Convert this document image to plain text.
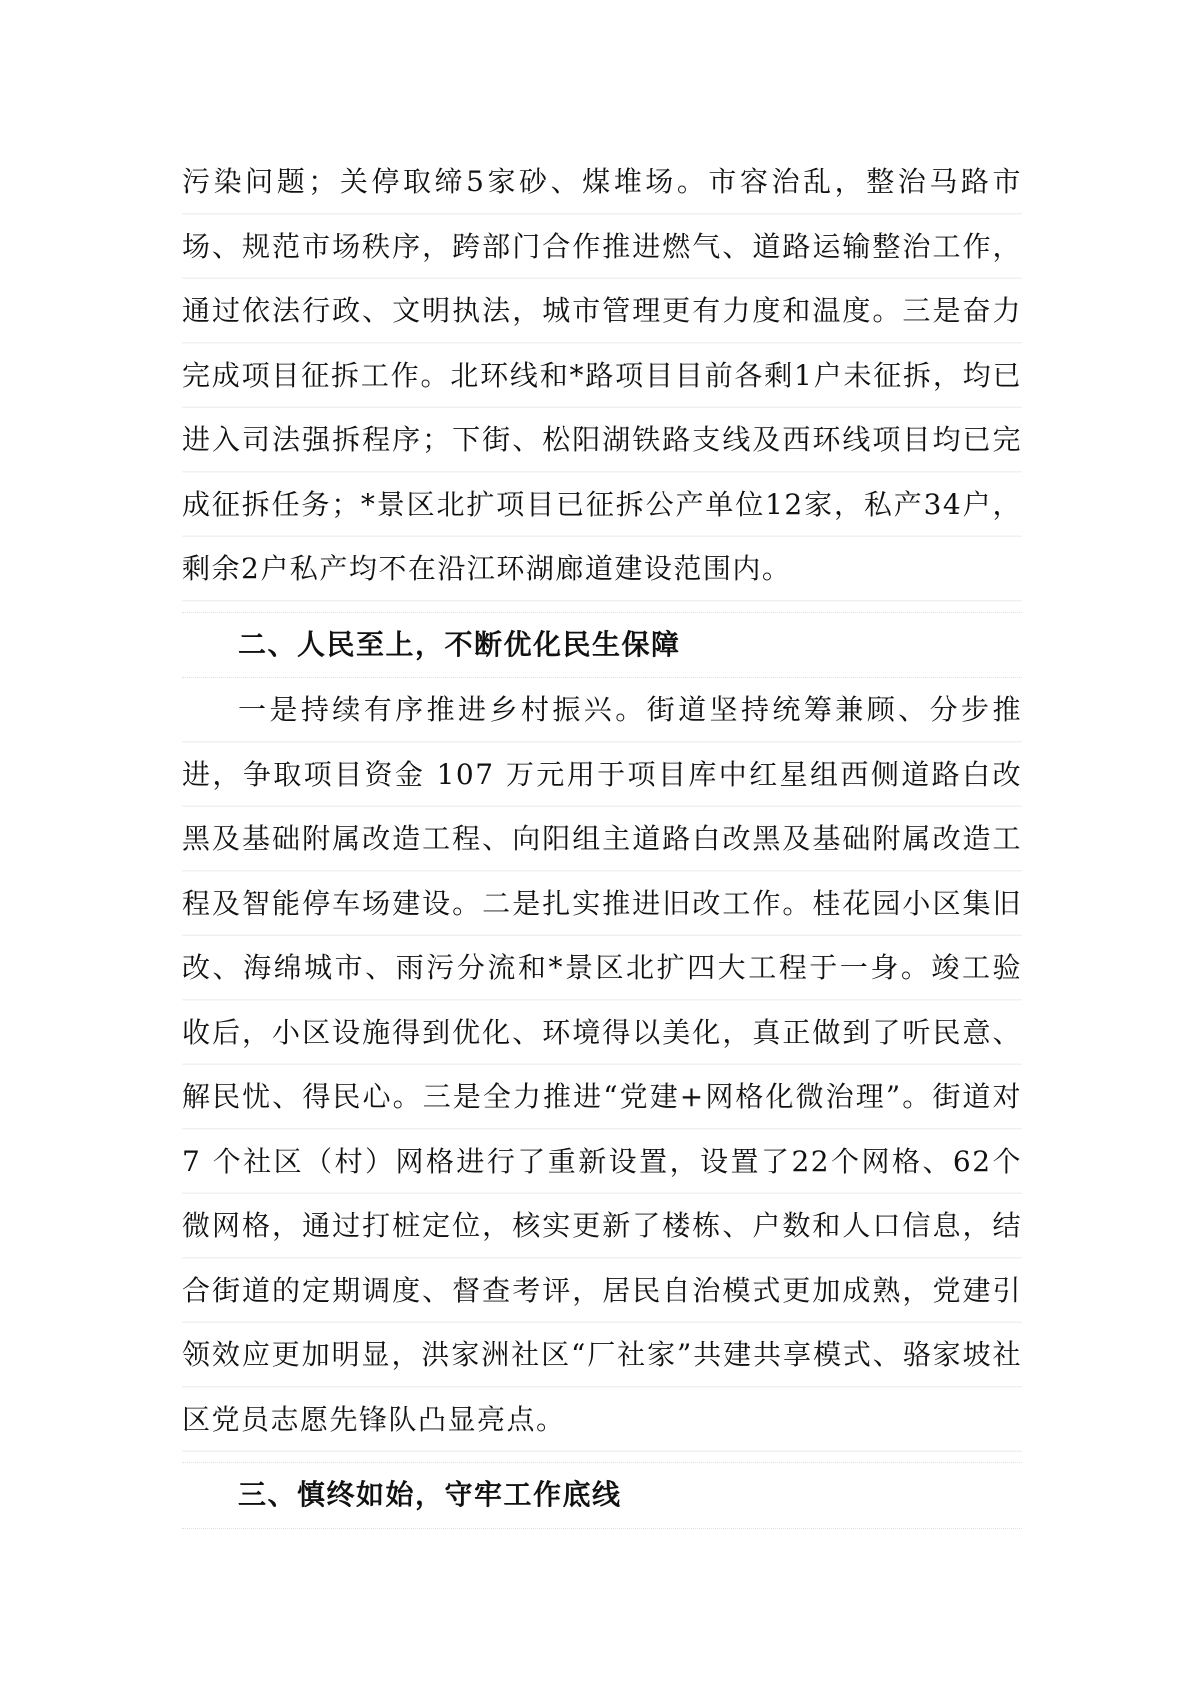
污染问题；关停取缔5家砂、煤堆场。市容治乱，整治马路市场、规范市场秩序，跨部门合作推进燃气、道路运输整治工作，通过依法行政、文明执法，城市管理更有力度和温度。三是奋力完成项目征拆工作。北环线和*路项目目前各剩1户未征拆，均已进入司法强拆程序；下街、松阳湖铁路支线及西环线项目均已完成征拆任务；*景区北扩项目已征拆公产单位12家，私产34户，剩余2户私产均不在沿江环湖廊道建设范围内。

二、人民至上，不断优化民生保障

一是持续有序推进乡村振兴。街道坚持统筹兼顾、分步推进，争取项目资金 107 万元用于项目库中红星组西侧道路白改黑及基础附属改造工程、向阳组主道路白改黑及基础附属改造工程及智能停车场建设。二是扎实推进旧改工作。桂花园小区集旧改、海绵城市、雨污分流和*景区北扩四大工程于一身。竣工验收后，小区设施得到优化、环境得以美化，真正做到了听民意、解民忧、得民心。三是全力推进“党建+网格化微治理”。街道对 7 个社区（村）网格进行了重新设置，设置了22个网格、62个微网格，通过打桩定位，核实更新了楼栋、户数和人口信息，结合街道的定期调度、督查考评，居民自治模式更加成熟，党建引领效应更加明显，洪家洲社区“厂社家”共建共享模式、骆家坡社区党员志愿先锋队凸显亮点。

三、慎终如始，守牢工作底线
